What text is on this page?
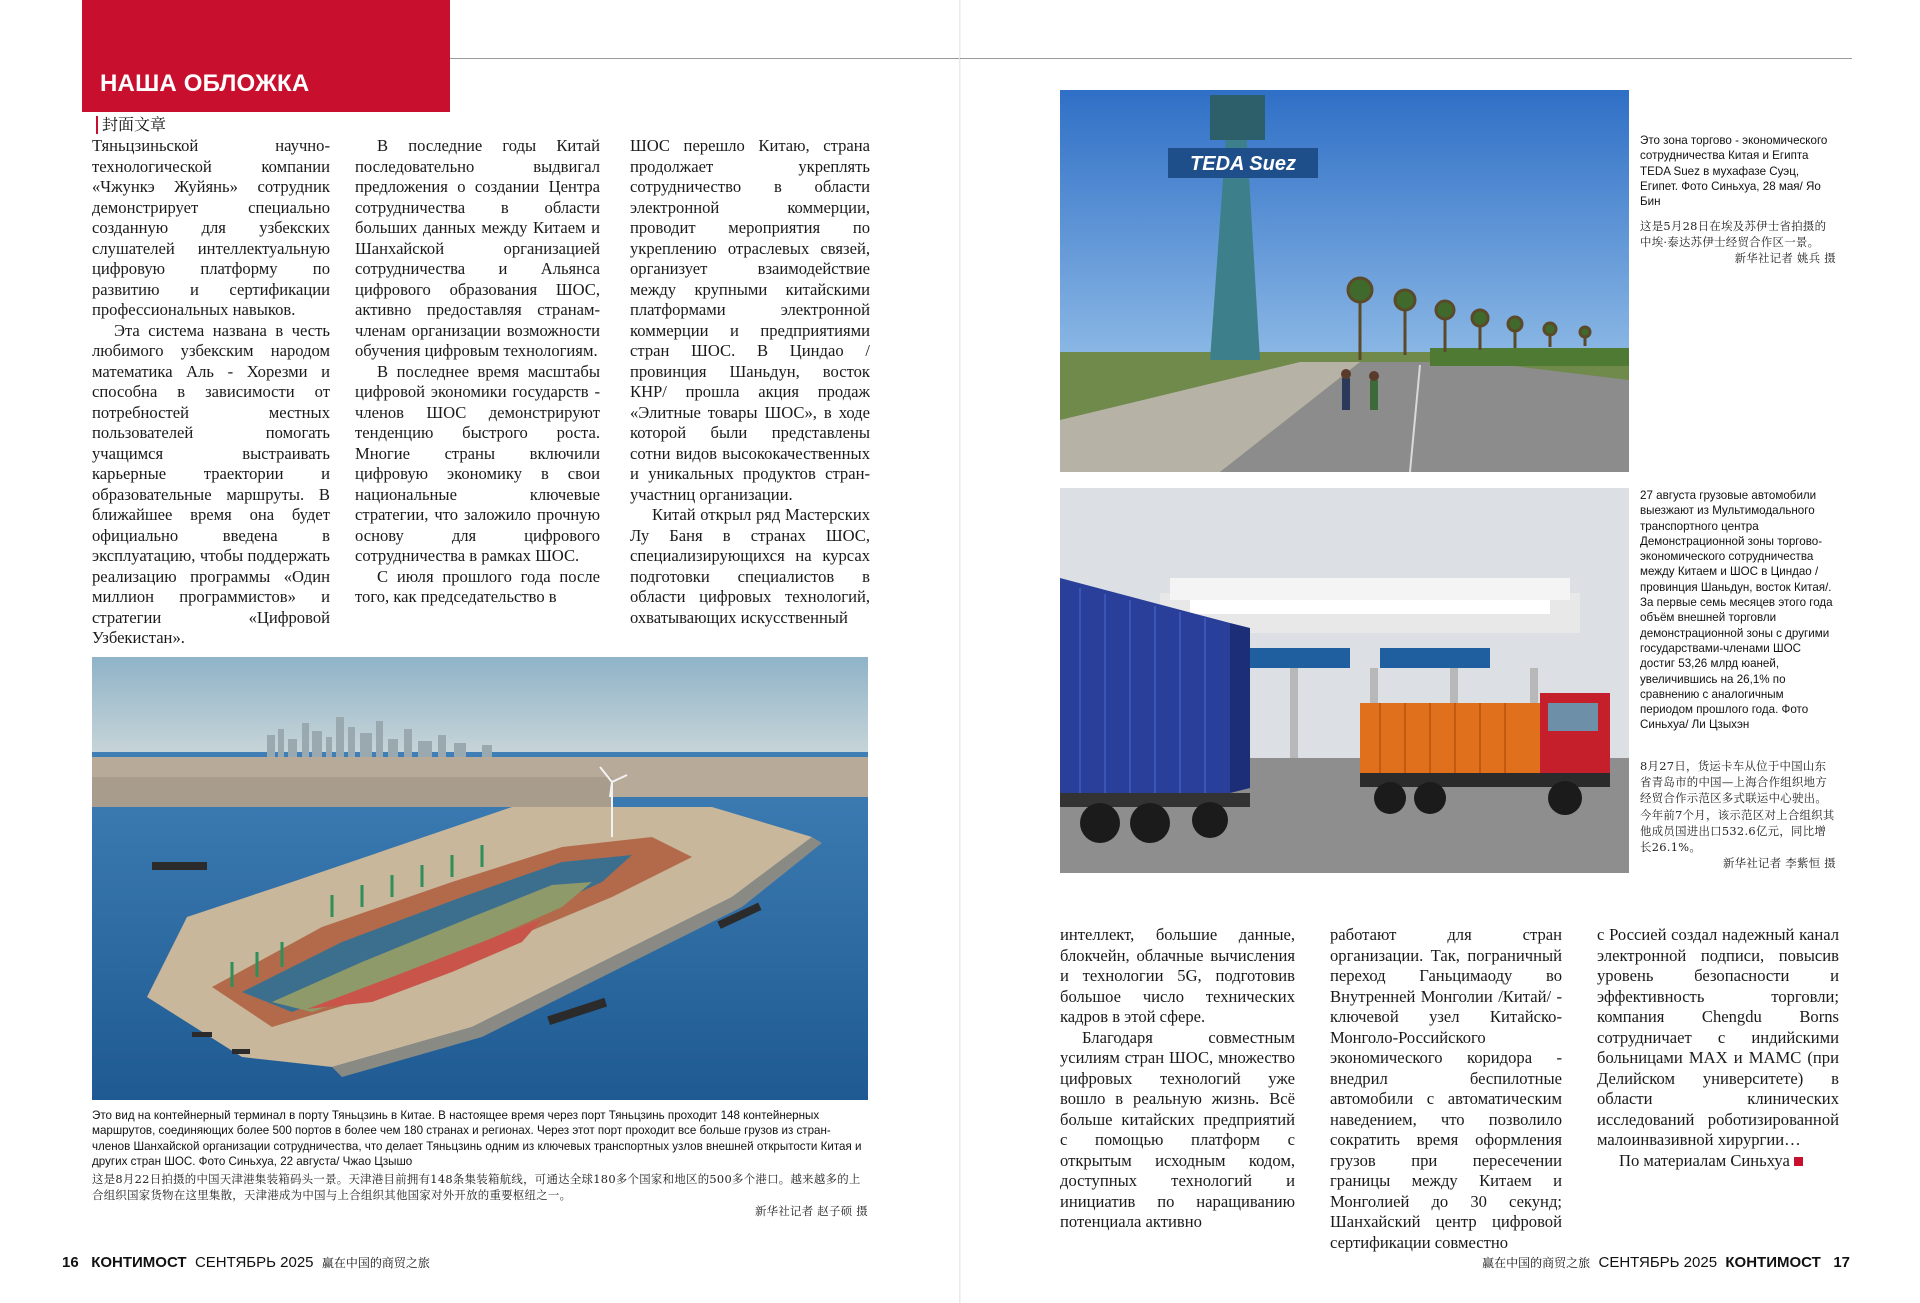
НАША ОБЛОЖКА
封面文章

Тяньцзиньской научно-технологической компании «Чжункэ Жуйянь» сотрудник демонстрирует специально созданную для узбекских слушателей интеллектуальную цифровую платформу по развитию и сертификации профессиональных навыков.

Эта система названа в честь любимого узбекским народом математика Аль - Хорезми и способна в зависимости от потребностей местных пользователей помогать учащимся выстраивать карьерные траектории и образовательные маршруты. В ближайшее время она будет официально введена в эксплуатацию, чтобы поддержать реализацию программы «Один миллион программистов» и стратегии «Цифровой Узбекистан».

В последние годы Китай последовательно выдвигал предложения о создании Центра сотрудничества в области больших данных между Китаем и Шанхайской организацией сотрудничества и Альянса цифрового образования ШОС, активно предоставляя странам-членам организации возможности обучения цифровым технологиям.

В последнее время масштабы цифровой экономики государств - членов ШОС демонстрируют тенденцию быстрого роста. Многие страны включили цифровую экономику в свои национальные ключевые стратегии, что заложило прочную основу для цифрового сотрудничества в рамках ШОС.

С июля прошлого года после того, как председательство в

ШОС перешло Китаю, страна продолжает укреплять сотрудничество в области электронной коммерции, проводит мероприятия по укреплению отраслевых связей, организует взаимодействие между крупными китайскими платформами электронной коммерции и предприятиями стран ШОС. В Циндао /провинция Шаньдун, восток КНР/ прошла акция продаж «Элитные товары ШОС», в ходе которой были представлены сотни видов высококачественных и уникальных продуктов стран-участниц организации.

Китай открыл ряд Мастерских Лу Баня в странах ШОС, специализирующихся на курсах подготовки специалистов в области цифровых технологий, охватывающих искусственный

Это вид на контейнерный терминал в порту Тяньцзинь в Китае. В настоящее время через порт Тяньцзинь проходит 148 контейнерных маршрутов, соединяющих более 500 портов в более чем 180 странах и регионах. Через этот порт проходит все больше грузов из стран-членов Шанхайской организации сотрудничества, что делает Тяньцзинь одним из ключевых транспортных узлов внешней открытости Китая и других стран ШОС. Фото Синьхуа, 22 августа/ Чжао Цзышо
这是8月22日拍摄的中国天津港集装箱码头一景。天津港目前拥有148条集装箱航线，可通达全球180多个国家和地区的500多个港口。越来越多的上合组织国家货物在这里集散，天津港成为中国与上合组织其他国家对外开放的重要枢纽之一。
新华社记者 赵子硕 摄
16 КОНТИМОСТ СЕНТЯБРЬ 2025 赢在中国的商贸之旅
TEDA Suez
Это зона торгово - экономического сотрудничества Китая и Египта TEDA Suez в мухафазе Суэц, Египет. Фото Синьхуа, 28 мая/ Яо Бин
这是5月28日在埃及苏伊士省拍摄的中埃·泰达苏伊士经贸合作区一景。
新华社记者 姚兵 摄
27 августа грузовые автомобили выезжают из Мультимодального транспортного центра Демонстрационной зоны торгово-экономического сотрудничества между Китаем и ШОС в Циндао /провинция Шаньдун, восток Китая/. За первые семь месяцев этого года объём внешней торговли демонстрационной зоны с другими государствами-членами ШОС достиг 53,26 млрд юаней, увеличившись на 26,1% по сравнению с аналогичным периодом прошлого года. Фото Синьхуа/ Ли Цзыхэн
8月27日，货运卡车从位于中国山东省青岛市的中国—上海合作组织地方经贸合作示范区多式联运中心驶出。今年前7个月，该示范区对上合组织其他成员国进出口532.6亿元，同比增长26.1%。
新华社记者 李紫恒 摄

интеллект, большие данные, блокчейн, облачные вычисления и технологии 5G, подготовив большое число технических кадров в этой сфере.

Благодаря совместным усилиям стран ШОС, множество цифровых технологий уже вошло в реальную жизнь. Всё больше китайских предприятий с помощью платформ с открытым исходным кодом, доступных технологий и инициатив по наращиванию потенциала активно

работают для стран организации. Так, пограничный переход Ганьцимаоду во Внутренней Монголии /Китай/ - ключевой узел Китайско-Монголо-Российского экономического коридора - внедрил беспилотные автомобили с автоматическим наведением, что позволило сократить время оформления грузов при пересечении границы между Китаем и Монголией до 30 секунд; Шанхайский центр цифровой сертификации совместно

с Россией создал надежный канал электронной подписи, повысив уровень безопасности и эффективность торговли; компания Chengdu Borns сотрудничает с индийскими больницами MAX и MAMC (при Делийском университете) в области клинических исследований роботизированной малоинвазивной хирургии…

По материалам Синьхуа

赢在中国的商贸之旅 СЕНТЯБРЬ 2025 КОНТИМОСТ 17
